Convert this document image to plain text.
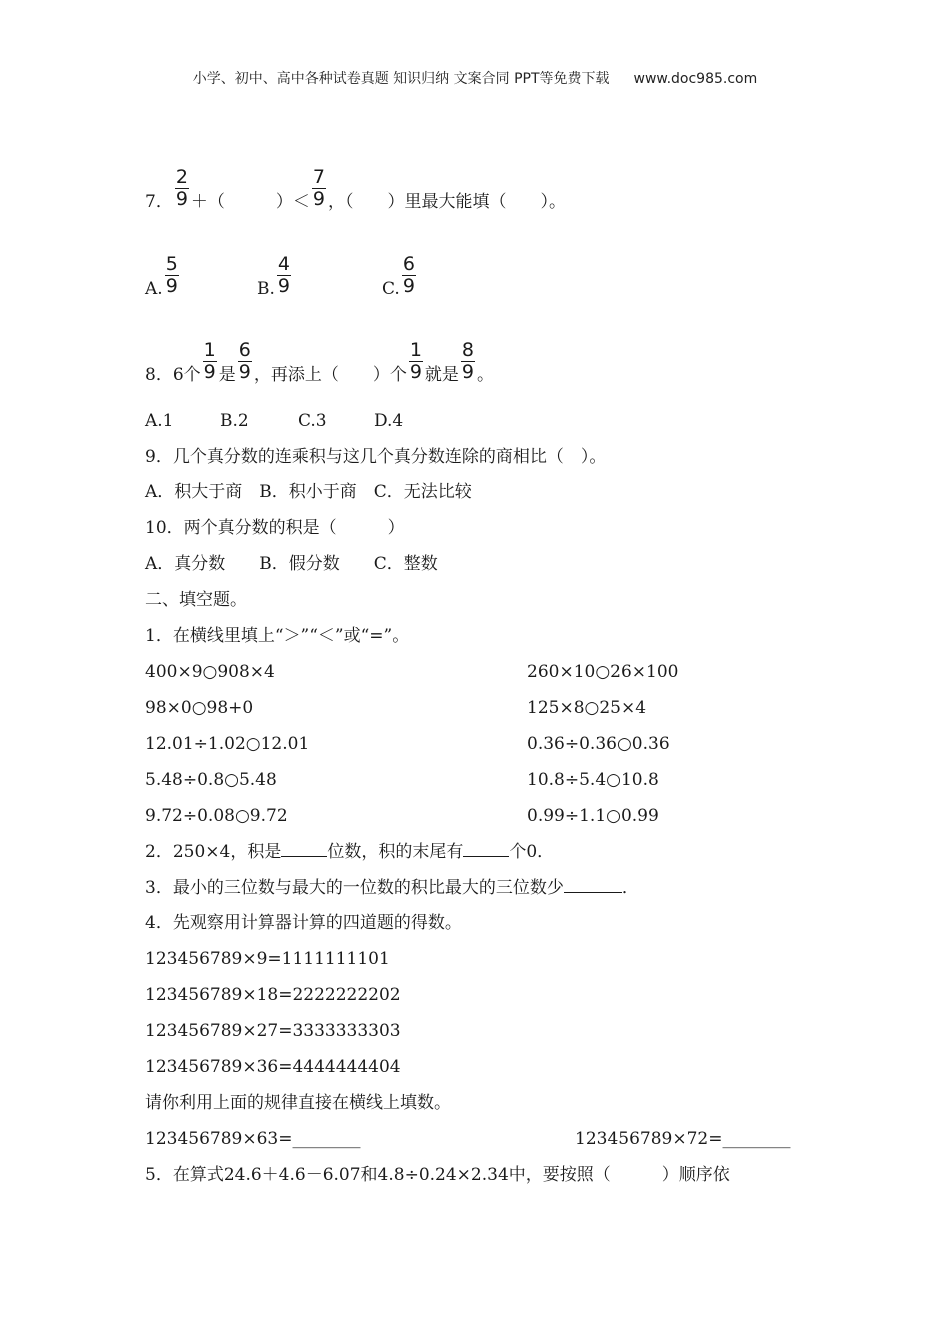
小学、初中、高中各种试卷真题 知识归纳 文案合同 PPT等免费下载 www.doc985.com
7． $\frac{2}{9}$ ＋（　　　）＜ $\frac{7}{9}$ ，（　　）里最大能填（　　）。
A. $\frac{5}{9}$	B. $\frac{4}{9}$	C. $\frac{6}{9}$
8．6个 $\frac{1}{9}$ 是 $\frac{6}{9}$ ，再添上（　　）个 $\frac{1}{9}$ 就是 $\frac{8}{9}$ 。
A.1	B.2	C.3	D.4
9．几个真分数的连乘积与这几个真分数连除的商相比（　）。
A．积大于商　B．积小于商　C．无法比较
10．两个真分数的积是（　　　）
A．真分数　　B．假分数　　C．整数
二、填空题。
1．在横线里填上“＞”“＜”或“=”。
400×9○908×4	260×10○26×100
98×0○98+0	125×8○25×4
12.01÷1.02○12.01	0.36÷0.36○0.36
5.48÷0.8○5.48	10.8÷5.4○10.8
9.72÷0.08○9.72	0.99÷1.1○0.99
2．250×4，积是	位数，积的末尾有	个0．
3．最小的三位数与最大的一位数的积比最大的三位数少	．
4．先观察用计算器计算的四道题的得数。
123456789×9=1111111101
123456789×18=2222222202
123456789×27=3333333303
123456789×36=4444444404
请你利用上面的规律直接在横线上填数。
123456789×63=________	123456789×72=________
5．在算式24.6＋4.6－6.07和4.8÷0.24×2.34中，要按照（　　　）顺序依
